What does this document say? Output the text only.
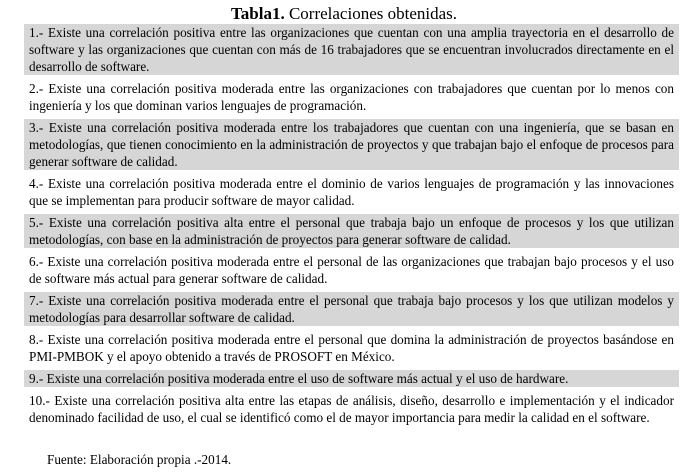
Tabla1. Correlaciones obtenidas.
1.- Existe una correlación positiva entre las organizaciones que cuentan con una amplia trayectoria en el desarrollo de software y las organizaciones que cuentan con más de 16 trabajadores que se encuentran involucrados directamente en el desarrollo de software.
2.- Existe una correlación positiva moderada entre las organizaciones con trabajadores que cuentan por lo menos con ingeniería y los que dominan varios lenguajes de programación.
3.- Existe una correlación positiva moderada entre los trabajadores que cuentan con una ingeniería, que se basan en metodologías, que tienen conocimiento en la administración de proyectos y que trabajan bajo el enfoque de procesos para generar software de calidad.
4.- Existe una correlación positiva moderada entre el dominio de varios lenguajes de programación y las innovaciones que se implementan para producir software de mayor calidad.
5.- Existe una correlación positiva alta entre el personal que trabaja bajo un enfoque de procesos y los que utilizan metodologías, con base en la administración de proyectos para generar software de calidad.
6.- Existe una correlación positiva moderada entre el personal de las organizaciones que trabajan bajo procesos y el uso de software más actual para generar software de calidad.
7.- Existe una correlación positiva moderada entre el personal que trabaja bajo procesos y los que utilizan modelos y metodologías para desarrollar software de calidad.
8.- Existe una correlación positiva moderada entre el personal que domina la administración de proyectos basándose en PMI-PMBOK y el apoyo obtenido a través de PROSOFT en México.
9.- Existe una correlación positiva moderada entre el uso de software más actual y el uso de hardware.
10.- Existe una correlación positiva alta entre las etapas de análisis, diseño, desarrollo e implementación y el indicador denominado facilidad de uso, el cual se identificó como el de mayor importancia para medir la calidad en el software.
Fuente: Elaboración propia .-2014.
